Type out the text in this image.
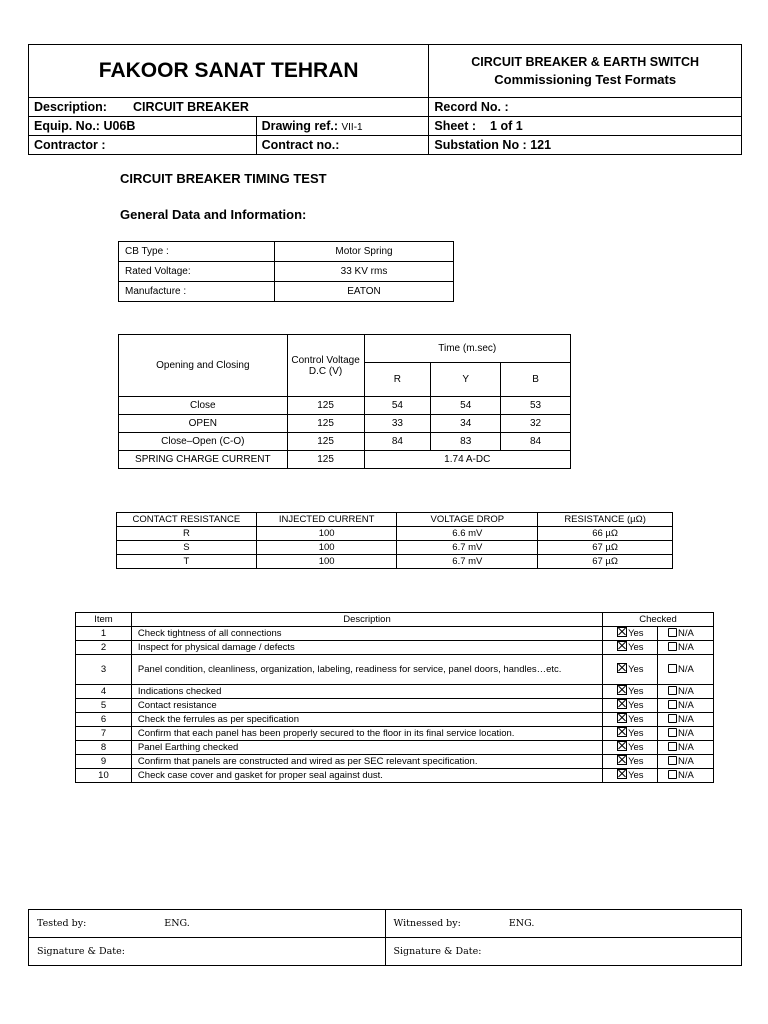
FAKOOR SANAT TEHRAN		CIRCUIT BREAKER & EARTH SWITCH
Commissioning Test Formats

Description: CIRCUIT BREAKER		Record No. :
Equip. No.: U06B	Drawing ref.: VII-1	Sheet : 1 of 1
Contractor :	Contract no.:	Substation No : 121
CIRCUIT BREAKER TIMING TEST
General Data and Information:
CB Type :	Motor Spring
Rated Voltage:	33 KV rms
Manufacture :	EATON
Opening and Closing	Control Voltage D.C (V)	Time (m.sec)		
		R	Y	B
Close	125	54	54	53
OPEN	125	33	34	32
Close–Open (C-O)	125	84	83	84
SPRING CHARGE CURRENT	125	1.74 A-DC		
CONTACT RESISTANCE	INJECTED CURRENT	VOLTAGE DROP	RESISTANCE (µΩ)
R	100	6.6 mV	66 µΩ
S	100	6.7 mV	67 µΩ
T	100	6.7 mV	67 µΩ
Item	Description	Checked	
1	Check tightness of all connections	Yes	N/A
2	Inspect for physical damage / defects	Yes	N/A
3	Panel condition, cleanliness, organization, labeling, readiness for service, panel doors, handles…etc.	Yes	N/A
4	Indications checked	Yes	N/A
5	Contact resistance	Yes	N/A
6	Check the ferrules as per specification	Yes	N/A
7	Confirm that each panel has been properly secured to the floor in its final service location.	Yes	N/A
8	Panel Earthing checked	Yes	N/A
9	Confirm that panels are constructed and wired as per SEC relevant specification.	Yes	N/A
10	Check case cover and gasket for proper seal against dust.	Yes	N/A
Tested by: ENG.	Witnessed by: ENG.
Signature & Date:	Signature & Date:
